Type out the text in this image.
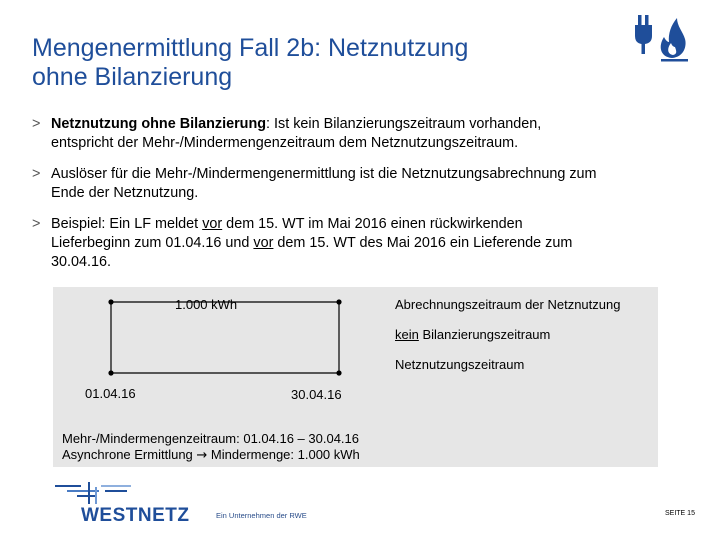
Mengenermittlung Fall 2b: Netznutzung
ohne Bilanzierung
> Netznutzung ohne Bilanzierung: Ist kein Bilanzierungszeitraum vorhanden,
entspricht der Mehr-/Mindermengenzeitraum dem Netznutzungszeitraum.
> Auslöser für die Mehr-/Mindermengenermittlung ist die Netznutzungsabrechnung zum
Ende der Netznutzung.
> Beispiel: Ein LF meldet vor dem 15. WT im Mai 2016 einen rückwirkenden
Lieferbeginn zum 01.04.16 und vor dem 15. WT des Mai 2016 ein Lieferende zum
30.04.16.
1.000 kWh	Abrechnungszeitraum der Netznutzung
kein Bilanzierungszeitraum
Netznutzungszeitraum
01.04.16	30.04.16
Mehr-/Mindermengenzeitraum: 01.04.16 – 30.04.16
Asynchrone Ermittlung → Mindermenge: 1.000 kWh
WESTNETZ	Ein Unternehmen der RWE	SEITE 15
